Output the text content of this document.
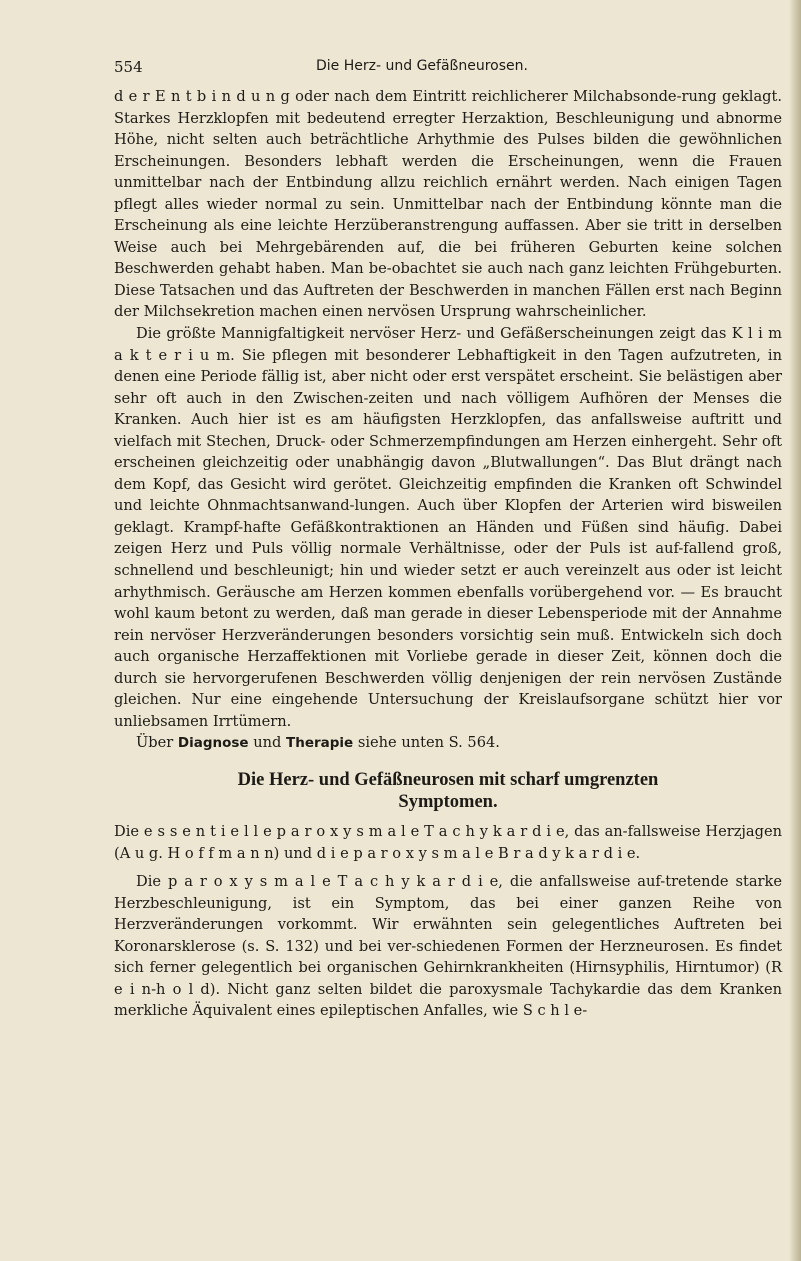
554	Die Herz- und Gefäßneurosen.

d e r E n t b i n d u n g oder nach dem Eintritt reichlicherer Milchabsonde-rung geklagt. Starkes Herzklopfen mit bedeutend erregter Herzaktion, Beschleunigung und abnorme Höhe, nicht selten auch beträchtliche Arhythmie des Pulses bilden die gewöhnlichen Erscheinungen. Besonders lebhaft werden die Erscheinungen, wenn die Frauen unmittelbar nach der Entbindung allzu reichlich ernährt werden. Nach einigen Tagen pflegt alles wieder normal zu sein. Unmittelbar nach der Entbindung könnte man die Erscheinung als eine leichte Herzüberanstrengung auffassen. Aber sie tritt in derselben Weise auch bei Mehrgebärenden auf, die bei früheren Geburten keine solchen Beschwerden gehabt haben. Man be-obachtet sie auch nach ganz leichten Frühgeburten. Diese Tatsachen und das Auftreten der Beschwerden in manchen Fällen erst nach Beginn der Milchsekretion machen einen nervösen Ursprung wahrscheinlicher.

Die größte Mannigfaltigkeit nervöser Herz- und Gefäßerscheinungen zeigt das K l i m a k t e r i u m. Sie pflegen mit besonderer Lebhaftigkeit in den Tagen aufzutreten, in denen eine Periode fällig ist, aber nicht oder erst verspätet erscheint. Sie belästigen aber sehr oft auch in den Zwischen-zeiten und nach völligem Aufhören der Menses die Kranken. Auch hier ist es am häufigsten Herzklopfen, das anfallsweise auftritt und vielfach mit Stechen, Druck- oder Schmerzempfindungen am Herzen einhergeht. Sehr oft erscheinen gleichzeitig oder unabhängig davon „Blutwallungen“. Das Blut drängt nach dem Kopf, das Gesicht wird gerötet. Gleichzeitig empfinden die Kranken oft Schwindel und leichte Ohnmachtsanwand-lungen. Auch über Klopfen der Arterien wird bisweilen geklagt. Krampf-hafte Gefäßkontraktionen an Händen und Füßen sind häufig. Dabei zeigen Herz und Puls völlig normale Verhältnisse, oder der Puls ist auf-fallend groß, schnellend und beschleunigt; hin und wieder setzt er auch vereinzelt aus oder ist leicht arhythmisch. Geräusche am Herzen kommen ebenfalls vorübergehend vor. — Es braucht wohl kaum betont zu werden, daß man gerade in dieser Lebensperiode mit der Annahme rein nervöser Herzveränderungen besonders vorsichtig sein muß. Entwickeln sich doch auch organische Herzaffektionen mit Vorliebe gerade in dieser Zeit, können doch die durch sie hervorgerufenen Beschwerden völlig denjenigen der rein nervösen Zustände gleichen. Nur eine eingehende Untersuchung der Kreislaufsorgane schützt hier vor unliebsamen Irrtümern.

Über Diagnose und Therapie siehe unten S. 564.

Die Herz- und Gefäßneurosen mit scharf umgrenzten
Symptomen.

Die e s s e n t i e l l e p a r o x y s m a l e T a c h y k a r d i e, das an-fallsweise Herzjagen (A u g. H o f f m a n n) und d i e p a r o x y s m a l e B r a d y k a r d i e.

Die p a r o x y s m a l e T a c h y k a r d i e, die anfallsweise auf-tretende starke Herzbeschleunigung, ist ein Symptom, das bei einer ganzen Reihe von Herzveränderungen vorkommt. Wir erwähnten sein gelegentliches Auftreten bei Koronarsklerose (s. S. 132) und bei ver-schiedenen Formen der Herzneurosen. Es findet sich ferner gelegentlich bei organischen Gehirnkrankheiten (Hirnsyphilis, Hirntumor) (R e i n-h o l d). Nicht ganz selten bildet die paroxysmale Tachykardie das dem Kranken merkliche Äquivalent eines epileptischen Anfalles, wie S c h l e-
